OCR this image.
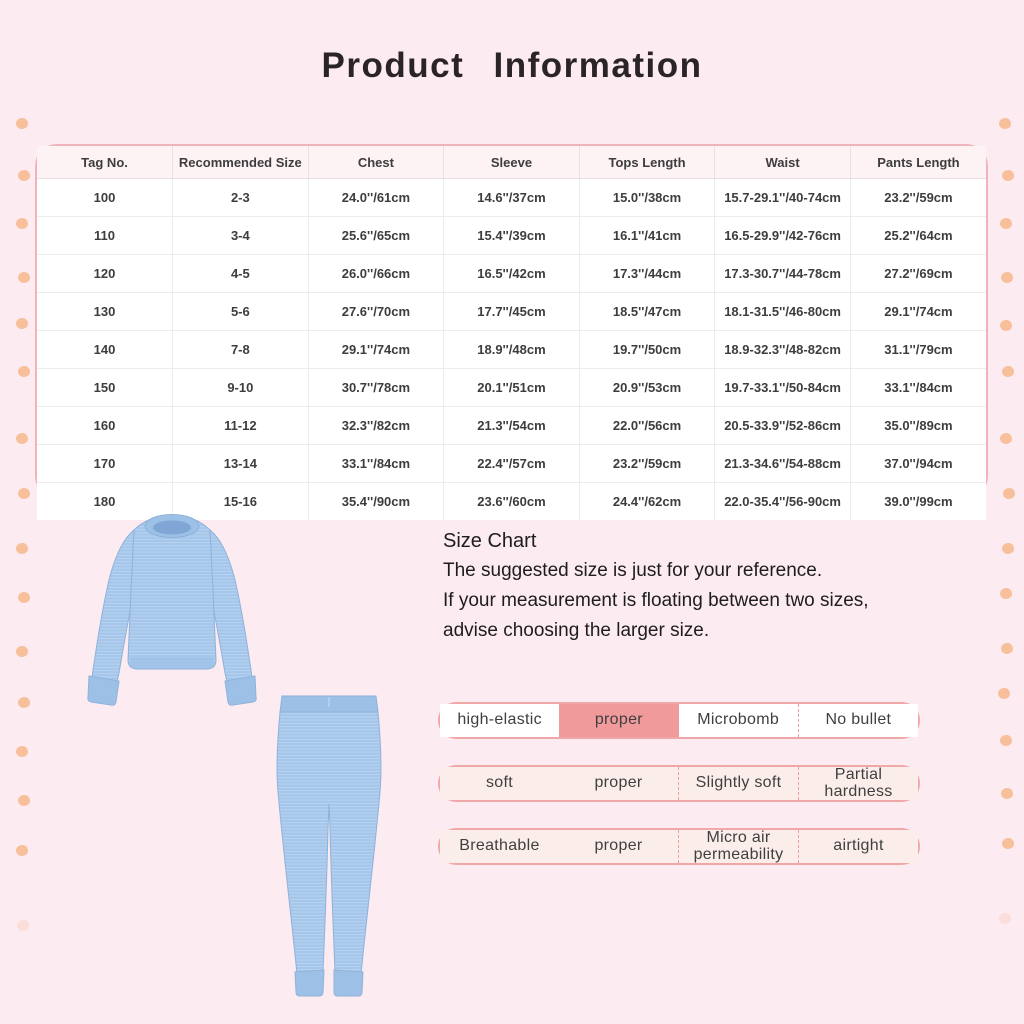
Product Information
Tag No.	Recommended Size	Chest	Sleeve	Tops Length	Waist	Pants Length
100	2-3	24.0''/61cm	14.6''/37cm	15.0''/38cm	15.7-29.1''/40-74cm	23.2''/59cm
110	3-4	25.6''/65cm	15.4''/39cm	16.1''/41cm	16.5-29.9''/42-76cm	25.2''/64cm
120	4-5	26.0''/66cm	16.5''/42cm	17.3''/44cm	17.3-30.7''/44-78cm	27.2''/69cm
130	5-6	27.6''/70cm	17.7''/45cm	18.5''/47cm	18.1-31.5''/46-80cm	29.1''/74cm
140	7-8	29.1''/74cm	18.9''/48cm	19.7''/50cm	18.9-32.3''/48-82cm	31.1''/79cm
150	9-10	30.7''/78cm	20.1''/51cm	20.9''/53cm	19.7-33.1''/50-84cm	33.1''/84cm
160	11-12	32.3''/82cm	21.3''/54cm	22.0''/56cm	20.5-33.9''/52-86cm	35.0''/89cm
170	13-14	33.1''/84cm	22.4''/57cm	23.2''/59cm	21.3-34.6''/54-88cm	37.0''/94cm
180	15-16	35.4''/90cm	23.6''/60cm	24.4''/62cm	22.0-35.4''/56-90cm	39.0''/99cm
Size Chart
The suggested size is just for your reference.
If your measurement is floating between two sizes,
advise choosing the larger size.
high-elastic	proper	Microbomb	No bullet
soft	proper	Slightly soft	Partial hardness
Breathable	proper	Micro air permeability	airtight
